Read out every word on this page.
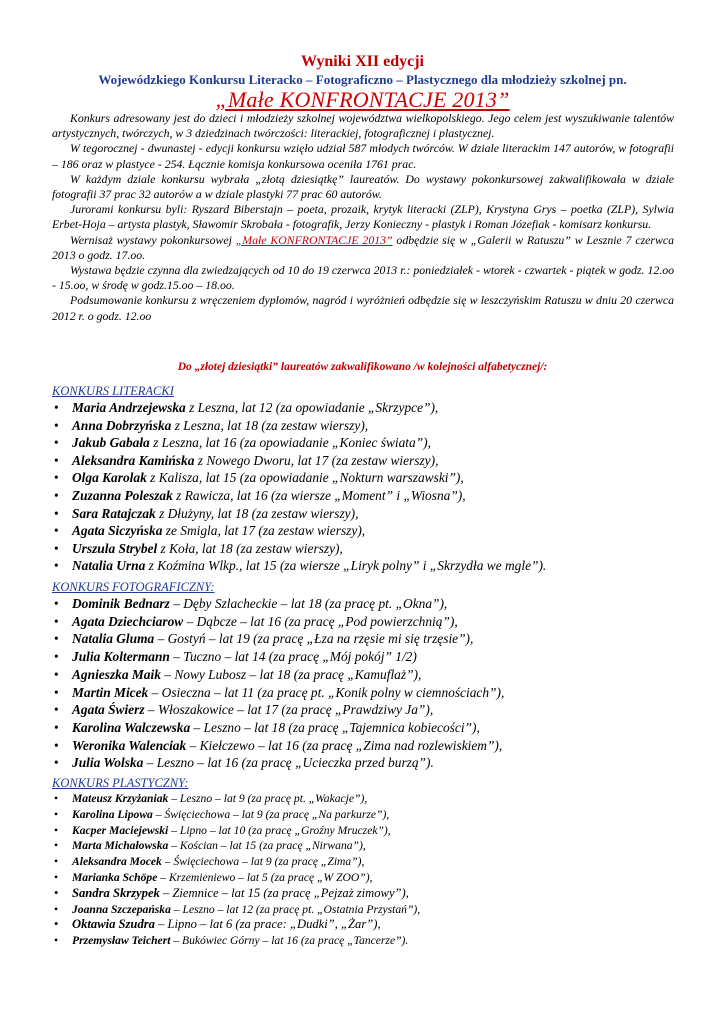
Wyniki XII edycji
Wojewódzkiego Konkursu Literacko – Fotograficzno – Plastycznego dla młodzieży szkolnej pn.
„Małe KONFRONTACJE 2013”

Konkurs adresowany jest do dzieci i młodzieży szkolnej województwa wielkopolskiego. Jego celem jest wyszukiwanie talentów artystycznych, twórczych, w 3 dziedzinach twórczości: literackiej, fotograficznej i plastycznej.

W tegorocznej - dwunastej - edycji konkursu wzięło udział 587 młodych twórców. W dziale literackim 147 autorów, w fotografii – 186 oraz w plastyce - 254. Łącznie komisja konkursowa oceniła 1761 prac.

W każdym dziale konkursu wybrała „złotą dziesiątkę” laureatów. Do wystawy pokonkursowej zakwalifikowała w dziale fotografii 37 prac 32 autorów a w dziale plastyki 77 prac 60 autorów.

Jurorami konkursu byli: Ryszard Biberstajn – poeta, prozaik, krytyk literacki (ZLP), Krystyna Grys – poetka (ZLP), Sylwia Erbet-Hoja – artysta plastyk, Sławomir Skrobała - fotografik, Jerzy Konieczny - plastyk i Roman Józefiak - komisarz konkursu.

Wernisaż wystawy pokonkursowej „Małe KONFRONTACJE 2013” odbędzie się w „Galerii w Ratuszu” w Lesznie 7 czerwca 2013 o godz. 17.oo.

Wystawa będzie czynna dla zwiedzających od 10 do 19 czerwca 2013 r.: poniedziałek - wtorek - czwartek - piątek w godz. 12.oo - 15.oo, w środę w godz.15.oo – 18.oo.

Podsumowanie konkursu z wręczeniem dyplomów, nagród i wyróżnień odbędzie się w leszczyńskim Ratuszu w dniu 20 czerwca 2012 r. o godz. 12.oo

Do „złotej dziesiątki” laureatów zakwalifikowano /w kolejności alfabetycznej/:

KONKURS LITERACKI

• Maria Andrzejewska z Leszna, lat 12 (za opowiadanie „Skrzypce”),
• Anna Dobrzyńska z Leszna, lat 18 (za zestaw wierszy),
• Jakub Gabała z Leszna, lat 16 (za opowiadanie „Koniec świata”),
• Aleksandra Kamińska z Nowego Dworu, lat 17 (za zestaw wierszy),
• Olga Karolak z Kalisza, lat 15 (za opowiadanie „Nokturn warszawski”),
• Zuzanna Poleszak z Rawicza, lat 16 (za wiersze „Moment” i „Wiosna”),
• Sara Ratajczak z Dłużyny, lat 18 (za zestaw wierszy),
• Agata Siczyńska ze Smigla, lat 17 (za zestaw wierszy),
• Urszula Strybel z Koła, lat 18 (za zestaw wierszy),
• Natalia Urna z Koźmina Wlkp., lat 15 (za wiersze „Liryk polny” i „Skrzydła we mgle”).

KONKURS FOTOGRAFICZNY:

• Dominik Bednarz – Dęby Szlacheckie – lat 18 (za pracę pt. „Okna”),
• Agata Dziechciarow – Dąbcze – lat 16 (za pracę „Pod powierzchnią”),
• Natalia Gluma – Gostyń – lat 19 (za pracę „Łza na rzęsie mi się trzęsie”),
• Julia Koltermann – Tuczno – lat 14 (za pracę „Mój pokój” 1/2)
• Agnieszka Maik – Nowy Lubosz – lat 18 (za pracę „Kamuflaż”),
• Martin Micek – Osieczna – lat 11 (za pracę pt. „Konik polny w ciemnościach”),
• Agata Świerz – Włoszakowice – lat 17 (za pracę „Prawdziwy Ja”),
• Karolina Walczewska – Leszno – lat 18 (za pracę „Tajemnica kobiecości”),
• Weronika Walenciak – Kiełczewo – lat 16 (za pracę „Zima nad rozlewiskiem”),
• Julia Wolska – Leszno – lat 16 (za pracę „Ucieczka przed burzą”).

KONKURS PLASTYCZNY:

• Mateusz Krzyżaniak – Leszno – lat 9 (za pracę pt. „Wakacje”),
• Karolina Lipowa – Święciechowa – lat 9 (za pracę „Na parkurze”),
• Kacper Maciejewski – Lipno – lat 10 (za pracę „Groźny Mruczek”),
• Marta Michałowska – Kościan – lat 15 (za pracę „Nirwana”),
• Aleksandra Mocek – Święciechowa – lat 9 (za pracę „Zima”),
• Marianka Schöpe – Krzemieniewo – lat 5 (za pracę „W ZOO”),
• Sandra Skrzypek – Ziemnice – lat 15 (za pracę „Pejzaż zimowy”),
• Joanna Szczepańska – Leszno – lat 12 (za pracę pt. „Ostatnia Przystań”),
• Oktawia Szudra – Lipno – lat 6 (za prace: „Dudki”, „Żar”),
• Przemysław Teichert – Bukówiec Górny – lat 16 (za pracę „Tancerze”).
